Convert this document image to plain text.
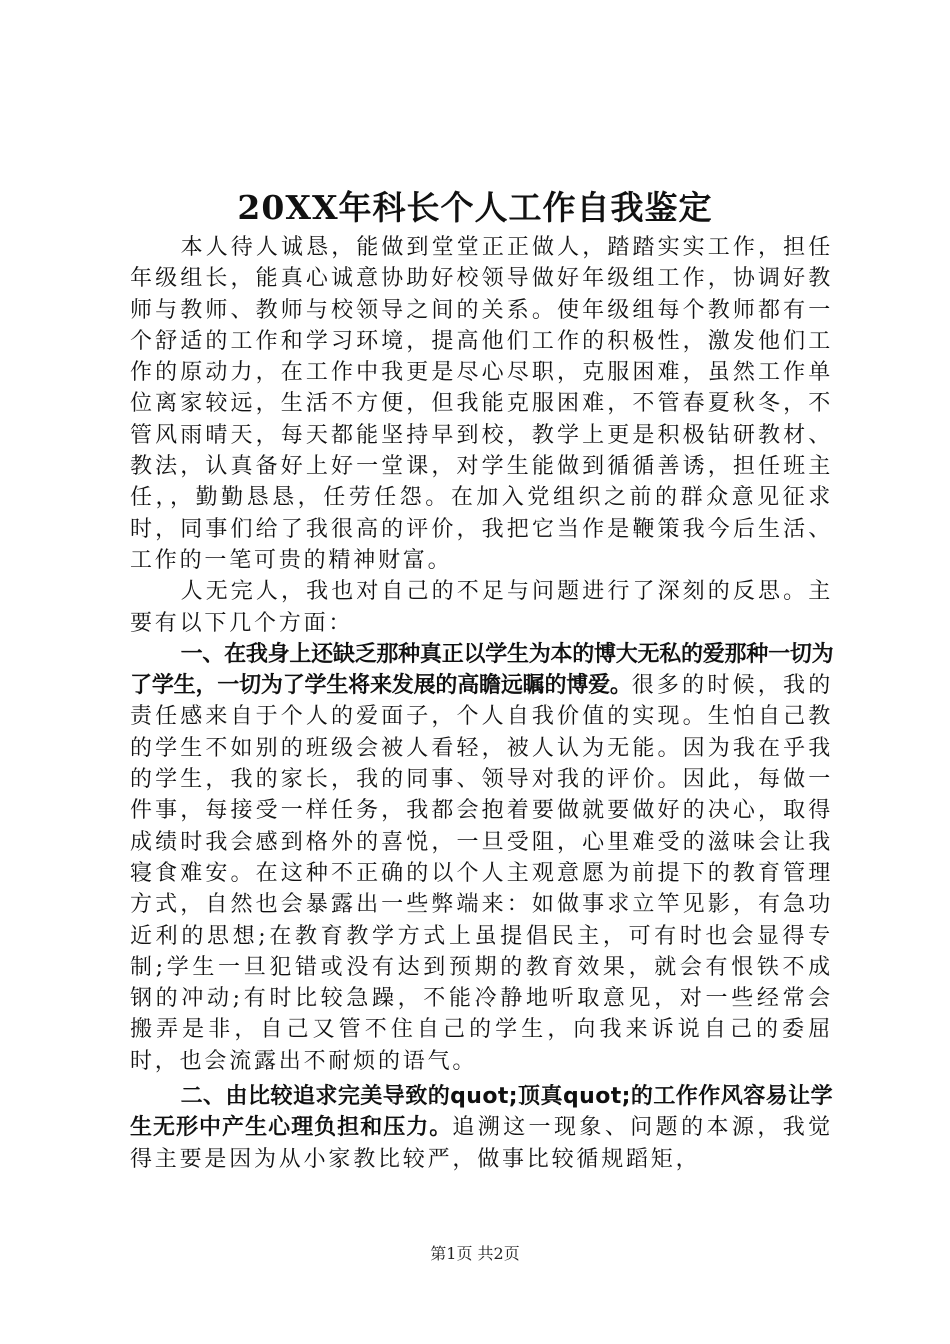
20XX年科长个人工作自我鉴定

本人待人诚恳，能做到堂堂正正做人，踏踏实实工作，担任年级组长，能真心诚意协助好校领导做好年级组工作，协调好教师与教师、教师与校领导之间的关系。使年级组每个教师都有一个舒适的工作和学习环境，提高他们工作的积极性，激发他们工作的原动力，在工作中我更是尽心尽职，克服困难，虽然工作单位离家较远，生活不方便，但我能克服困难，不管春夏秋冬，不管风雨晴天，每天都能坚持早到校，教学上更是积极钻研教材、教法，认真备好上好一堂课，对学生能做到循循善诱，担任班主任，，勤勤恳恳，任劳任怨。在加入党组织之前的群众意见征求时，同事们给了我很高的评价，我把它当作是鞭策我今后生活、工作的一笔可贵的精神财富。

人无完人，我也对自己的不足与问题进行了深刻的反思。主要有以下几个方面：

一、在我身上还缺乏那种真正以学生为本的博大无私的爱那种一切为了学生，一切为了学生将来发展的高瞻远瞩的博爱。很多的时候，我的责任感来自于个人的爱面子，个人自我价值的实现。生怕自己教的学生不如别的班级会被人看轻，被人认为无能。因为我在乎我的学生，我的家长，我的同事、领导对我的评价。因此，每做一件事，每接受一样任务，我都会抱着要做就要做好的决心，取得成绩时我会感到格外的喜悦，一旦受阻，心里难受的滋味会让我寝食难安。在这种不正确的以个人主观意愿为前提下的教育管理方式，自然也会暴露出一些弊端来：如做事求立竿见影，有急功近利的思想;在教育教学方式上虽提倡民主，可有时也会显得专制;学生一旦犯错或没有达到预期的教育效果，就会有恨铁不成钢的冲动;有时比较急躁，不能冷静地听取意见，对一些经常会搬弄是非，自己又管不住自己的学生，向我来诉说自己的委屈时，也会流露出不耐烦的语气。

二、由比较追求完美导致的quot;顶真quot;的工作作风容易让学生无形中产生心理负担和压力。追溯这一现象、问题的本源，我觉得主要是因为从小家教比较严，做事比较循规蹈矩，

第1页 共2页
